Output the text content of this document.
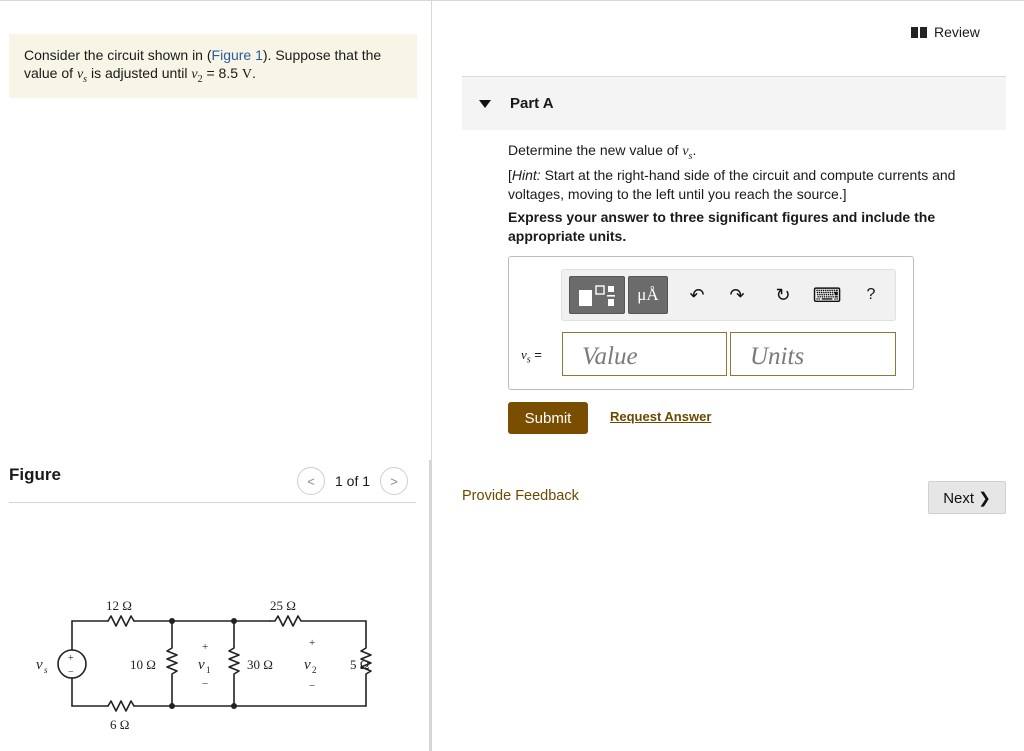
Consider the circuit shown in (Figure 1). Suppose that the value of $v_s$ is adjusted until $v_2 = 8.5$ V.
Figure	< 1 of 1 >
+
−
v s
12 Ω	25 Ω
10 Ω	30 Ω	5 Ω
6 Ω
+
v 1
−
+
v 2
−
Review
Part A
Determine the new value of $v_s$.
[Hint: Start at the right-hand side of the circuit and compute currents and voltages, moving to the left until you reach the source.]
Express your answer to three significant figures and include the appropriate units.
μÅ	↶	↷	↻ ⌨	?
$v_s$ =
Value
Units
Submit	Request Answer
Provide Feedback	Next ❯
